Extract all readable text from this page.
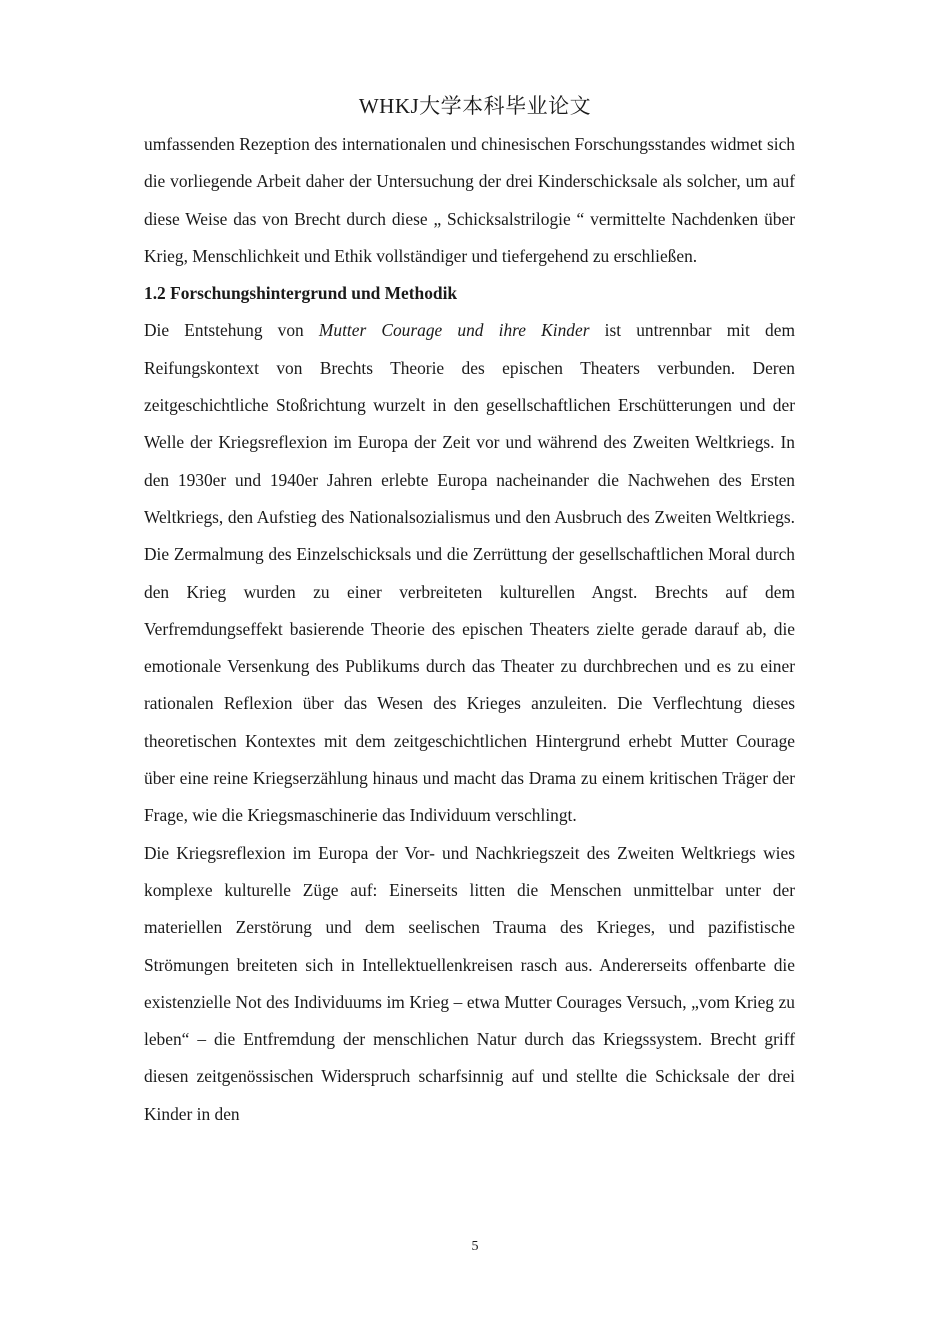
WHKJ大学本科毕业论文

umfassenden Rezeption des internationalen und chinesischen Forschungsstandes widmet sich die vorliegende Arbeit daher der Untersuchung der drei Kinderschicksale als solcher, um auf diese Weise das von Brecht durch diese „ Schicksalstrilogie “ vermittelte Nachdenken über Krieg, Menschlichkeit und Ethik vollständiger und tiefergehend zu erschließen.

1.2 Forschungshintergrund und Methodik

Die Entstehung von Mutter Courage und ihre Kinder ist untrennbar mit dem Reifungskontext von Brechts Theorie des epischen Theaters verbunden. Deren zeitgeschichtliche Stoßrichtung wurzelt in den gesellschaftlichen Erschütterungen und der Welle der Kriegsreflexion im Europa der Zeit vor und während des Zweiten Weltkriegs. In den 1930er und 1940er Jahren erlebte Europa nacheinander die Nachwehen des Ersten Weltkriegs, den Aufstieg des Nationalsozialismus und den Ausbruch des Zweiten Weltkriegs. Die Zermalmung des Einzelschicksals und die Zerrüttung der gesellschaftlichen Moral durch den Krieg wurden zu einer verbreiteten kulturellen Angst. Brechts auf dem Verfremdungseffekt basierende Theorie des epischen Theaters zielte gerade darauf ab, die emotionale Versenkung des Publikums durch das Theater zu durchbrechen und es zu einer rationalen Reflexion über das Wesen des Krieges anzuleiten. Die Verflechtung dieses theoretischen Kontextes mit dem zeitgeschichtlichen Hintergrund erhebt Mutter Courage über eine reine Kriegserzählung hinaus und macht das Drama zu einem kritischen Träger der Frage, wie die Kriegsmaschinerie das Individuum verschlingt.

Die Kriegsreflexion im Europa der Vor- und Nachkriegszeit des Zweiten Weltkriegs wies komplexe kulturelle Züge auf: Einerseits litten die Menschen unmittelbar unter der materiellen Zerstörung und dem seelischen Trauma des Krieges, und pazifistische Strömungen breiteten sich in Intellektuellenkreisen rasch aus. Andererseits offenbarte die existenzielle Not des Individuums im Krieg – etwa Mutter Courages Versuch, „vom Krieg zu leben“ – die Entfremdung der menschlichen Natur durch das Kriegssystem. Brecht griff diesen zeitgenössischen Widerspruch scharfsinnig auf und stellte die Schicksale der drei Kinder in den

5
